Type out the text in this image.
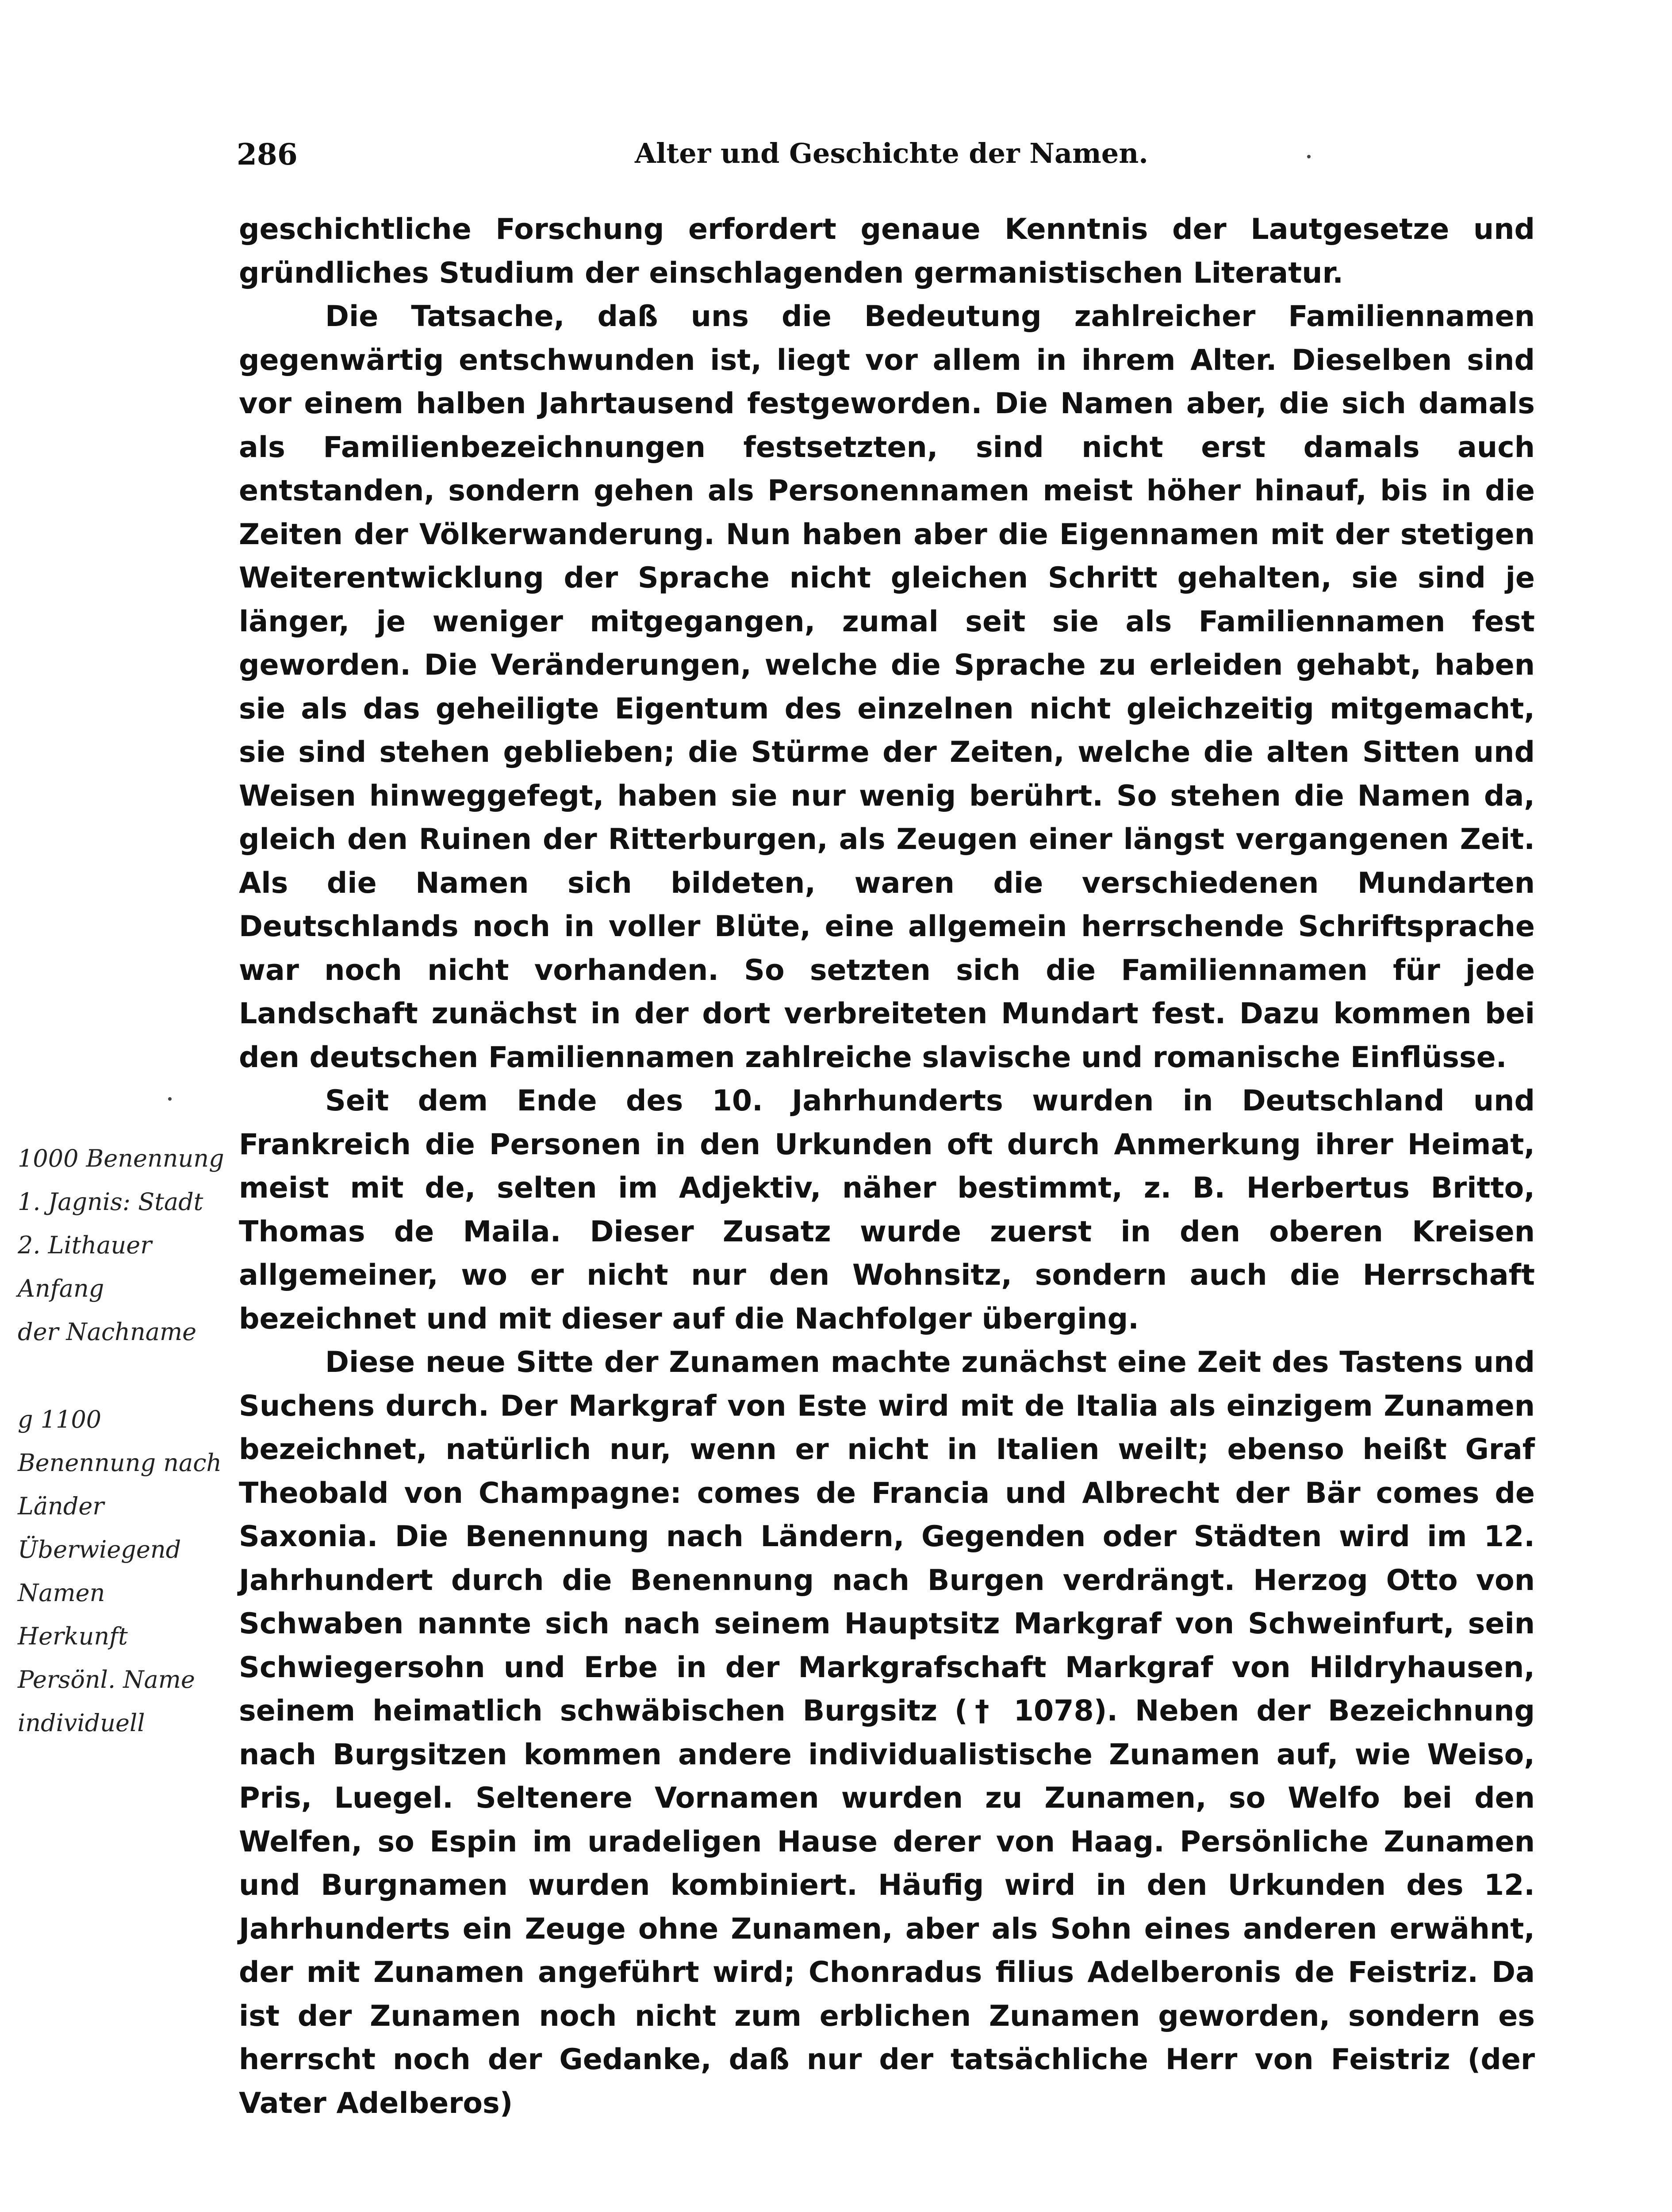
286	Alter und Geschichte der Namen.

geschichtliche Forschung erfordert genaue Kenntnis der Lautgesetze und gründliches Studium der einschlagenden germanistischen Literatur.

Die Tatsache, daß uns die Bedeutung zahlreicher Familiennamen gegenwärtig entschwunden ist, liegt vor allem in ihrem Alter. Dieselben sind vor einem halben Jahrtausend festgeworden. Die Namen aber, die sich damals als Familienbezeichnungen festsetzten, sind nicht erst damals auch entstanden, sondern gehen als Personennamen meist höher hinauf, bis in die Zeiten der Völkerwanderung. Nun haben aber die Eigennamen mit der stetigen Weiterentwicklung der Sprache nicht gleichen Schritt gehalten, sie sind je länger, je weniger mitgegangen, zumal seit sie als Familiennamen fest geworden. Die Veränderungen, welche die Sprache zu erleiden gehabt, haben sie als das geheiligte Eigentum des einzelnen nicht gleichzeitig mitgemacht, sie sind stehen geblieben; die Stürme der Zeiten, welche die alten Sitten und Weisen hinweggefegt, haben sie nur wenig berührt. So stehen die Namen da, gleich den Ruinen der Ritterburgen, als Zeugen einer längst vergangenen Zeit. Als die Namen sich bildeten, waren die verschiedenen Mundarten Deutschlands noch in voller Blüte, eine allgemein herrschende Schriftsprache war noch nicht vorhanden. So setzten sich die Familiennamen für jede Landschaft zunächst in der dort verbreiteten Mundart fest. Dazu kommen bei den deutschen Familiennamen zahlreiche slavische und romanische Einflüsse.

Seit dem Ende des 10. Jahrhunderts wurden in Deutschland und Frankreich die Personen in den Urkunden oft durch Anmerkung ihrer Heimat, meist mit de, selten im Adjektiv, näher bestimmt, z. B. Herbertus Britto, Thomas de Maila. Dieser Zusatz wurde zuerst in den oberen Kreisen allgemeiner, wo er nicht nur den Wohnsitz, sondern auch die Herrschaft bezeichnet und mit dieser auf die Nachfolger überging.

Diese neue Sitte der Zunamen machte zunächst eine Zeit des Tastens und Suchens durch. Der Markgraf von Este wird mit de Italia als einzigem Zunamen bezeichnet, natürlich nur, wenn er nicht in Italien weilt; ebenso heißt Graf Theobald von Champagne: comes de Francia und Albrecht der Bär comes de Saxonia. Die Benennung nach Ländern, Gegenden oder Städten wird im 12. Jahrhundert durch die Benennung nach Burgen verdrängt. Herzog Otto von Schwaben nannte sich nach seinem Hauptsitz Markgraf von Schweinfurt, sein Schwiegersohn und Erbe in der Markgrafschaft Markgraf von Hildryhausen, seinem heimatlich schwäbischen Burgsitz († 1078). Neben der Bezeichnung nach Burgsitzen kommen andere individualistische Zunamen auf, wie Weiso, Pris, Luegel. Seltenere Vornamen wurden zu Zunamen, so Welfo bei den Welfen, so Espin im uradeligen Hause derer von Haag. Persönliche Zunamen und Burgnamen wurden kombiniert. Häufig wird in den Urkunden des 12. Jahrhunderts ein Zeuge ohne Zunamen, aber als Sohn eines anderen erwähnt, der mit Zunamen angeführt wird; Chonradus filius Adelberonis de Feistriz. Da ist der Zunamen noch nicht zum erblichen Zunamen geworden, sondern es herrscht noch der Gedanke, daß nur der tatsächliche Herr von Feistriz (der Vater Adelberos)

1000 Benennung
1. Jagnis: Stadt
2. Lithauer
Anfang
der Nachname
g 1100
Benennung nach
Länder
Überwiegend
Namen
Herkunft
Persönl. Name
individuell
